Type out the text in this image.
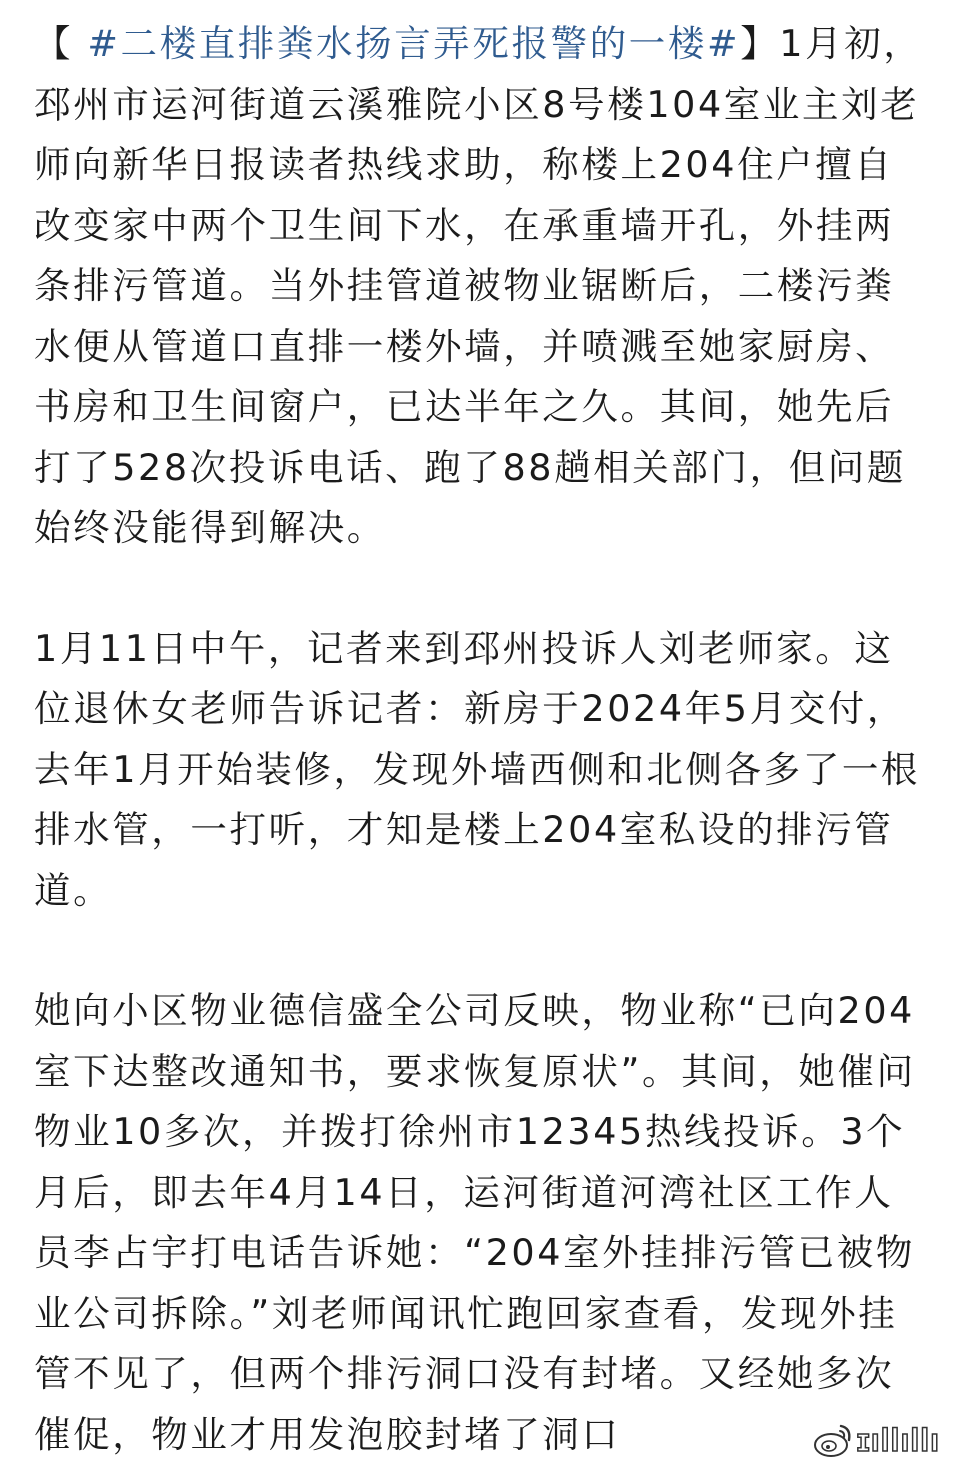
【 #二楼直排粪水扬言弄死报警的一楼#】1月初，邳州市运河街道云溪雅院小区8号楼104室业主刘老师向新华日报读者热线求助，称楼上204住户擅自改变家中两个卫生间下水，在承重墙开孔，外挂两条排污管道。当外挂管道被物业锯断后，二楼污粪水便从管道口直排一楼外墙，并喷溅至她家厨房、书房和卫生间窗户，已达半年之久。其间，她先后打了528次投诉电话、跑了88趟相关部门，但问题始终没能得到解决。

1月11日中午，记者来到邳州投诉人刘老师家。这位退休女老师告诉记者：新房于2024年5月交付，去年1月开始装修，发现外墙西侧和北侧各多了一根排水管，一打听，才知是楼上204室私设的排污管道。

她向小区物业德信盛全公司反映，物业称“已向204室下达整改通知书，要求恢复原状”。其间，她催问物业10多次，并拨打徐州市12345热线投诉。3个月后，即去年4月14日，运河街道河湾社区工作人员李占宇打电话告诉她：“204室外挂排污管已被物业公司拆除。”刘老师闻讯忙跑回家查看，发现外挂管不见了，但两个排污洞口没有封堵。又经她多次催促，物业才用发泡胶封堵了洞口	ɪıllıllı
